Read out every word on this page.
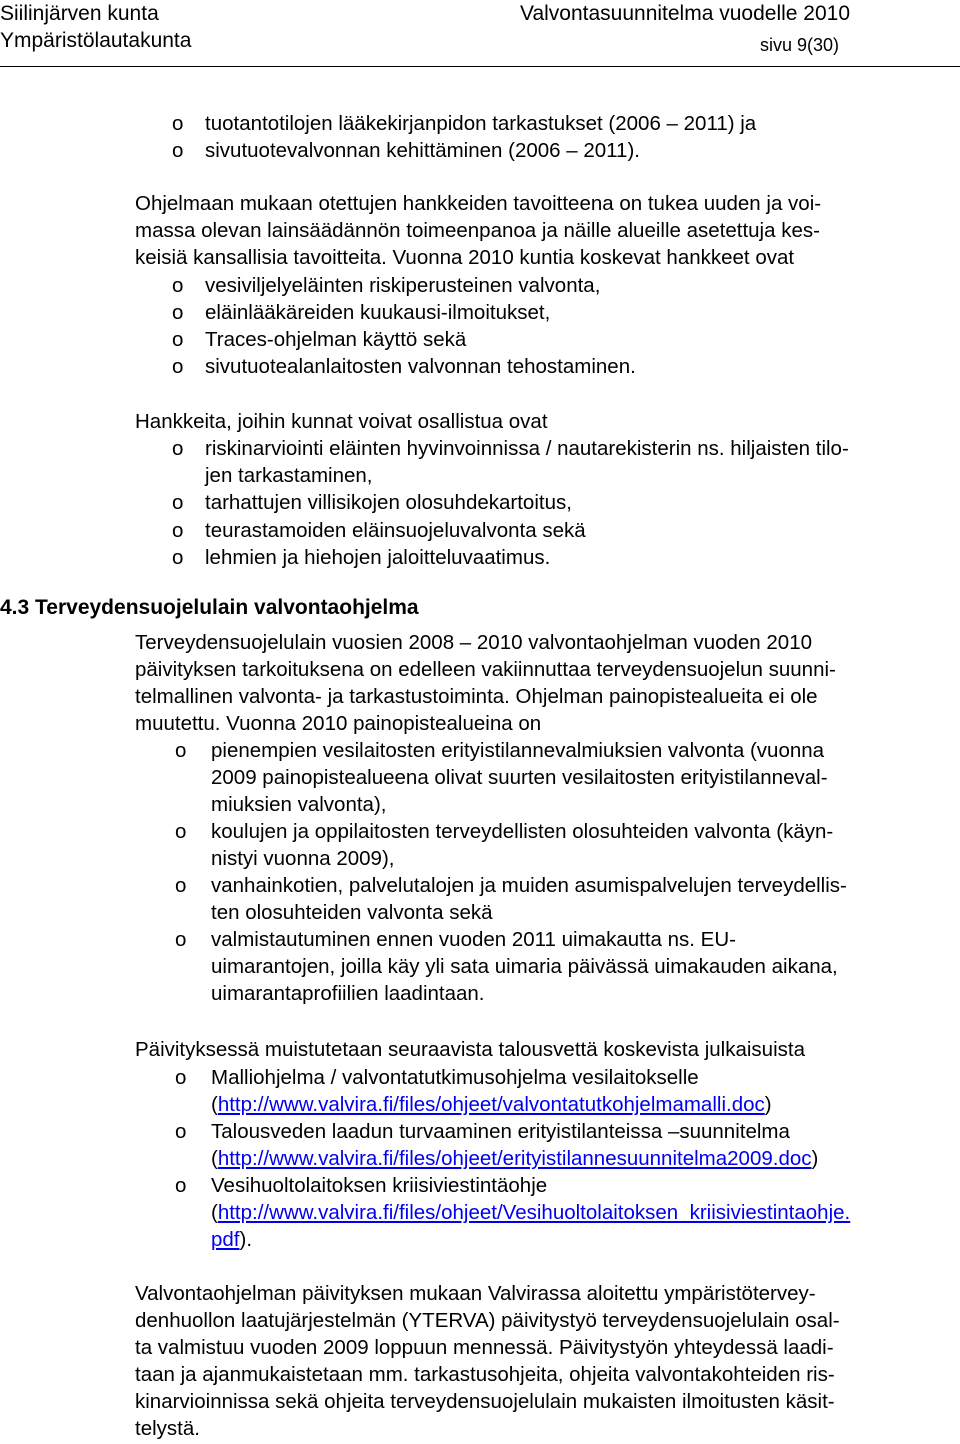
Siilinjärven kunta
Ympäristölautakunta
Valvontasuunnitelma vuodelle 2010
sivu 9(30)
o tuotantotilojen lääkekirjanpidon tarkastukset (2006 – 2011) ja
o sivutuotevalvonnan kehittäminen (2006 – 2011).
Ohjelmaan mukaan otettujen hankkeiden tavoitteena on tukea uuden ja voi-
massa olevan lainsäädännön toimeenpanoa ja näille alueille asetettuja kes-
keisiä kansallisia tavoitteita. Vuonna 2010 kuntia koskevat hankkeet ovat
o vesiviljelyeläinten riskiperusteinen valvonta,
o eläinlääkäreiden kuukausi-ilmoitukset,
o Traces-ohjelman käyttö sekä
o sivutuotealanlaitosten valvonnan tehostaminen.
Hankkeita, joihin kunnat voivat osallistua ovat
o riskinarviointi eläinten hyvinvoinnissa / nautarekisterin ns. hiljaisten tilo-
jen tarkastaminen,
o tarhattujen villisikojen olosuhdekartoitus,
o teurastamoiden eläinsuojeluvalvonta sekä
o lehmien ja hiehojen jaloitteluvaatimus.
4.3 Terveydensuojelulain valvontaohjelma
Terveydensuojelulain vuosien 2008 – 2010 valvontaohjelman vuoden 2010
päivityksen tarkoituksena on edelleen vakiinnuttaa terveydensuojelun suunni-
telmallinen valvonta- ja tarkastustoiminta. Ohjelman painopistealueita ei ole
muutettu. Vuonna 2010 painopistealueina on
o pienempien vesilaitosten erityistilannevalmiuksien valvonta (vuonna
2009 painopistealueena olivat suurten vesilaitosten erityistilanneval-
miuksien valvonta),
o koulujen ja oppilaitosten terveydellisten olosuhteiden valvonta (käyn-
nistyi vuonna 2009),
o vanhainkotien, palvelutalojen ja muiden asumispalvelujen terveydellis-
ten olosuhteiden valvonta sekä
o valmistautuminen ennen vuoden 2011 uimakautta ns. EU-
uimarantojen, joilla käy yli sata uimaria päivässä uimakauden aikana,
uimarantaprofiilien laadintaan.
Päivityksessä muistutetaan seuraavista talousvettä koskevista julkaisuista
o Malliohjelma / valvontatutkimusohjelma vesilaitokselle
(http://www.valvira.fi/files/ohjeet/valvontatutkohjelmamalli.doc)
o Talousveden laadun turvaaminen erityistilanteissa –suunnitelma
(http://www.valvira.fi/files/ohjeet/erityistilannesuunnitelma2009.doc)
o Vesihuoltolaitoksen kriisiviestintäohje
(http://www.valvira.fi/files/ohjeet/Vesihuoltolaitoksen_kriisiviestintaohje.
pdf).
Valvontaohjelman päivityksen mukaan Valvirassa aloitettu ympäristötervey-
denhuollon laatujärjestelmän (YTERVA) päivitystyö terveydensuojelulain osal-
ta valmistuu vuoden 2009 loppuun mennessä. Päivitystyön yhteydessä laadi-
taan ja ajanmukaistetaan mm. tarkastusohjeita, ohjeita valvontakohteiden ris-
kinarvioinnissa sekä ohjeita terveydensuojelulain mukaisten ilmoitusten käsit-
telystä.
